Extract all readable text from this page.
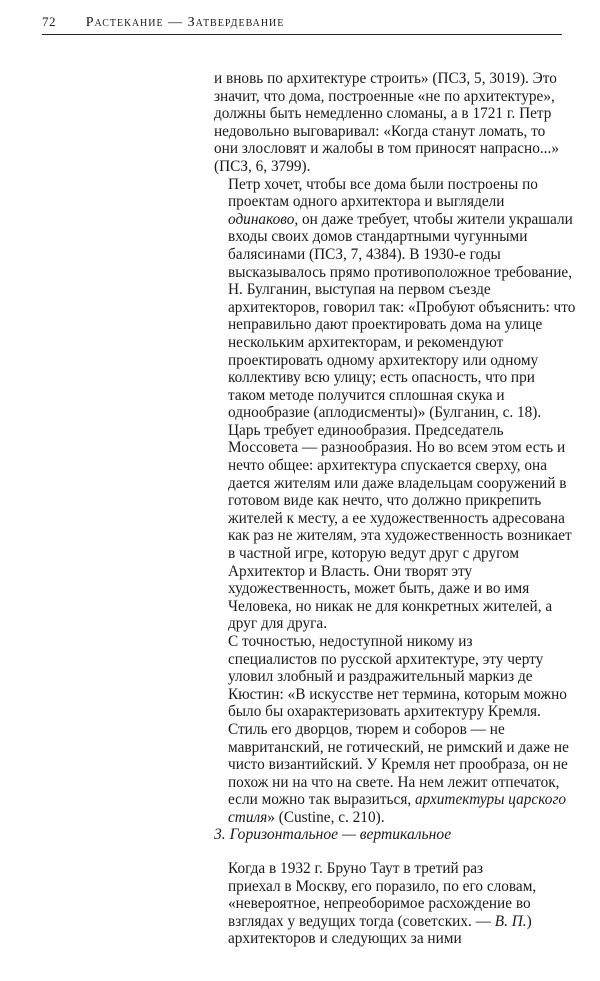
72 Растекание — Затвердевание

и вновь по архитектуре строить» (ПСЗ, 5, 3019). Это
значит, что дома, построенные «не по архитектуре»,
должны быть немедленно сломаны, а в 1721 г. Петр
недовольно выговаривал: «Когда станут ломать, то
они злословят и жалобы в том приносят напрасно...»
(ПСЗ, 6, 3799).

Петр хочет, чтобы все дома были построены по
проектам одного архитектора и выглядели
одинаково, он даже требует, чтобы жители украшали
входы своих домов стандартными чугунными
балясинами (ПСЗ, 7, 4384). В 1930-е годы
высказывалось прямо противоположное требование,
Н. Булганин, выступая на первом съезде
архитекторов, говорил так: «Пробуют объяснить: что
неправильно дают проектировать дома на улице
нескольким архитекторам, и рекомендуют
проектировать одному архитектору или одному
коллективу всю улицу; есть опасность, что при
таком методе получится сплошная скука и
однообразие (аплодисменты)» (Булганин, с. 18).

Царь требует единообразия. Председатель
Моссовета — разнообразия. Но во всем этом есть и
нечто общее: архитектура спускается сверху, она
дается жителям или даже владельцам сооружений в
готовом виде как нечто, что должно прикрепить
жителей к месту, а ее художественность адресована
как раз не жителям, эта художественность возникает
в частной игре, которую ведут друг с другом
Архитектор и Власть. Они творят эту
художественность, может быть, даже и во имя
Человека, но никак не для конкретных жителей, а
друг для друга.

С точностью, недоступной никому из
специалистов по русской архитектуре, эту черту
уловил злобный и раздражительный маркиз де
Кюстин: «В искусстве нет термина, которым можно
было бы охарактеризовать архитектуру Кремля.
Стиль его дворцов, тюрем и соборов — не
мавританский, не готический, не римский и даже не
чисто византийский. У Кремля нет прообраза, он не
похож ни на что на свете. На нем лежит отпечаток,
если можно так выразиться, архитектуры царского
стиля» (Custine, с. 210).

3. Горизонтальное — вертикальное

Когда в 1932 г. Бруно Таут в третий раз
приехал в Москву, его поразило, по его словам,
«невероятное, непреоборимое расхождение во
взглядах у ведущих тогда (советских. — В. П.)
архитекторов и следующих за ними
